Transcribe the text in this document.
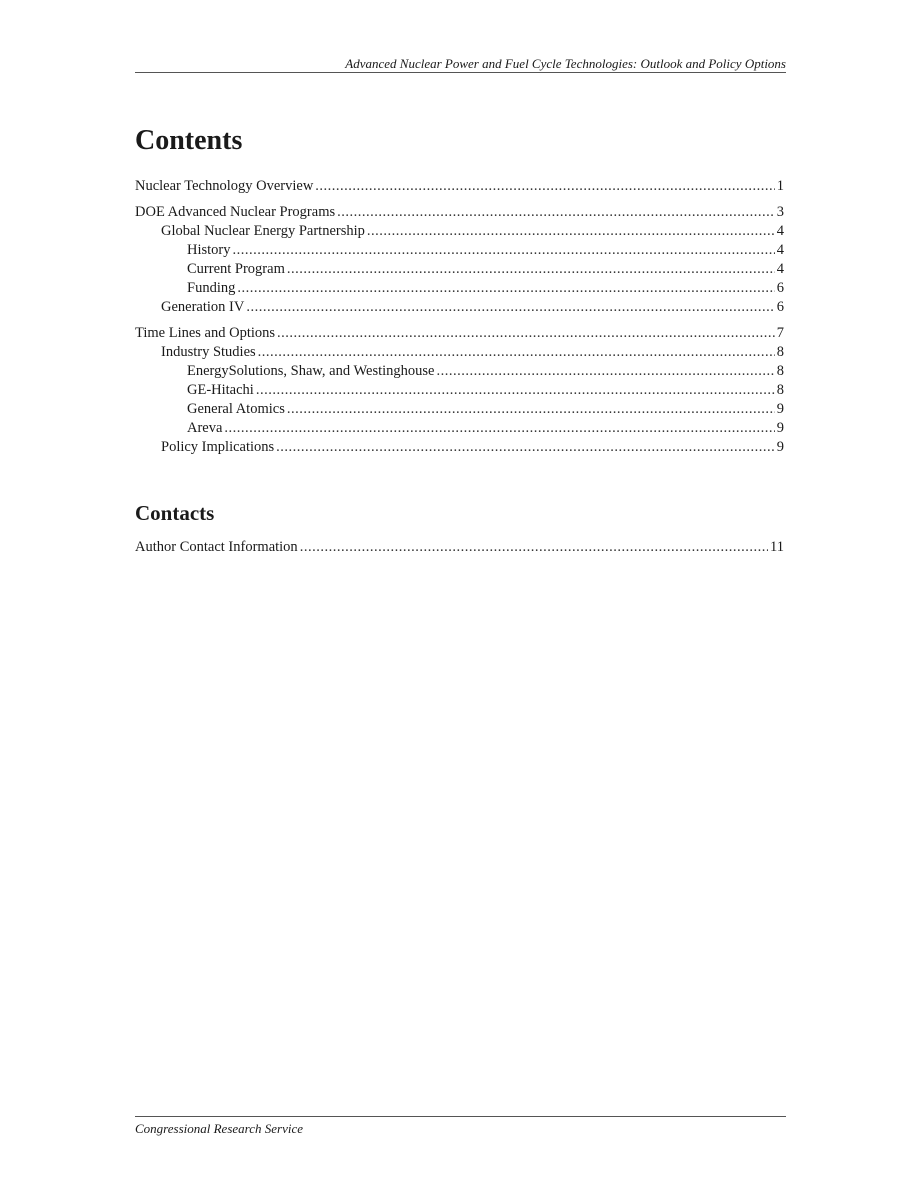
Advanced Nuclear Power and Fuel Cycle Technologies: Outlook and Policy Options
Contents
Nuclear Technology Overview .....	1
DOE Advanced Nuclear Programs .....	3
Global Nuclear Energy Partnership .....	4
History .....	4
Current Program .....	4
Funding .....	6
Generation IV .....	6
Time Lines and Options .....	7
Industry Studies .....	8
EnergySolutions, Shaw, and Westinghouse .....	8
GE-Hitachi .....	8
General Atomics .....	9
Areva .....	9
Policy Implications .....	9
Contacts
Author Contact Information .....	11
Congressional Research Service
